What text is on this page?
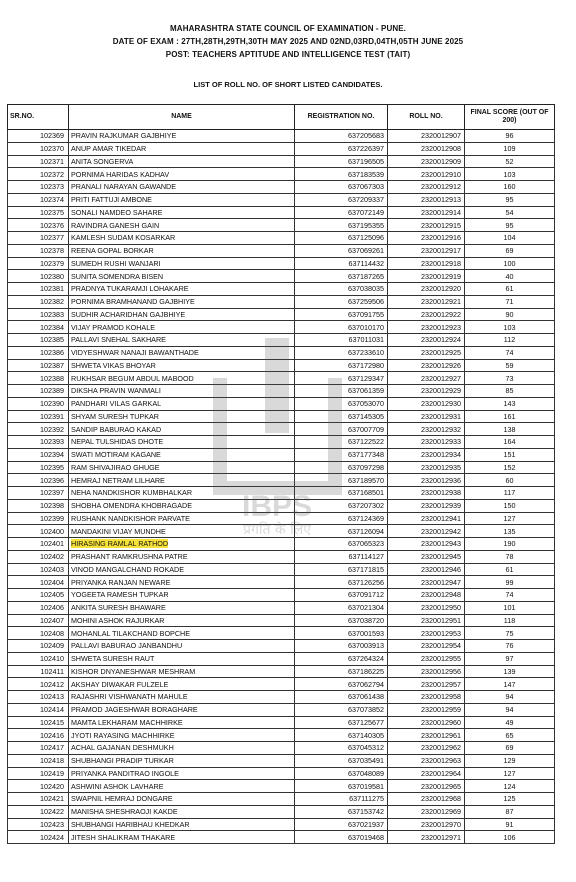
MAHARASHTRA STATE COUNCIL OF EXAMINATION - PUNE.
DATE OF EXAM : 27TH,28TH,29TH,30TH MAY 2025 AND 02ND,03RD,04TH,05TH JUNE 2025
POST: TEACHERS APTITUDE AND INTELLIGENCE TEST (TAIT)
LIST OF ROLL NO. OF SHORT LISTED CANDIDATES.
SR.NO.	NAME	REGISTRATION NO.	ROLL NO.	FINAL SCORE (OUT OF 200)
102369	PRAVIN RAJKUMAR GAJBHIYE	637205683	2320012907	96
102370	ANUP AMAR TIKEDAR	637226397	2320012908	109
102371	ANITA SONGERVA	637196505	2320012909	52
102372	PORNIMA HARIDAS KADHAV	637183539	2320012910	103
102373	PRANALI NARAYAN GAWANDE	637067303	2320012912	160
102374	PRITI FATTUJI AMBONE	637209337	2320012913	95
102375	SONALI NAMDEO SAHARE	637072149	2320012914	54
102376	RAVINDRA GANESH GAIN	637195355	2320012915	95
102377	KAMLESH SUDAM KOSARKAR	637125096	2320012916	104
102378	REENA GOPAL BORKAR	637069261	2320012917	69
102379	SUMEDH RUSHI WANJARI	637114432	2320012918	100
102380	SUNITA SOMENDRA BISEN	637187265	2320012919	40
102381	PRADNYA TUKARAMJI LOHAKARE	637038035	2320012920	61
102382	PORNIMA BRAMHANAND GAJBHIYE	637259506	2320012921	71
102383	SUDHIR ACHARIDHAN GAJBHIYE	637091755	2320012922	90
102384	VIJAY PRAMOD KOHALE	637010170	2320012923	103
102385	PALLAVI SNEHAL SAKHARE	637011031	2320012924	112
102386	VIDYESHWAR NANAJI BAWANTHADE	637233610	2320012925	74
102387	SHWETA VIKAS BHOYAR	637172980	2320012926	59
102388	RUKHSAR BEGUM ABDUL MABOOD	637129347	2320012927	73
102389	DIKSHA PRAVIN WANMALI	637061359	2320012929	85
102390	PANDHARI VILAS GARKAL	637053070	2320012930	143
102391	SHYAM SURESH TUPKAR	637145305	2320012931	161
102392	SANDIP BABURAO KAKAD	637007709	2320012932	138
102393	NEPAL TULSHIDAS DHOTE	637122522	2320012933	164
102394	SWATI MOTIRAM KAGANE	637177348	2320012934	151
102395	RAM SHIVAJIRAO GHUGE	637097298	2320012935	152
102396	HEMRAJ NETRAM LILHARE	637189570	2320012936	60
102397	NEHA NANDKISHOR KUMBHALKAR	637168501	2320012938	117
102398	SHOBHA OMENDRA KHOBRAGADE	637207302	2320012939	150
102399	RUSHANK NANDKISHOR PARVATE	637124369	2320012941	127
102400	MANDAKINI VIJAY MUNDHE	637126094	2320012942	135
102401	HIRASING RAMLAL RATHOD	637065323	2320012943	190
102402	PRASHANT RAMKRUSHNA PATRE	637114127	2320012945	78
102403	VINOD MANGALCHAND ROKADE	637171815	2320012946	61
102404	PRIYANKA RANJAN NEWARE	637126256	2320012947	99
102405	YOGEETA RAMESH TUPKAR	637091712	2320012948	74
102406	ANKITA SURESH BHAWARE	637021304	2320012950	101
102407	MOHINI ASHOK RAJURKAR	637038720	2320012951	118
102408	MOHANLAL TILAKCHAND BOPCHE	637001593	2320012953	75
102409	PALLAVI BABURAO JANBANDHU	637003913	2320012954	76
102410	SHWETA SURESH RAUT	637264324	2320012955	97
102411	KISHOR DNYANESHWAR MESHRAM	637186225	2320012956	139
102412	AKSHAY DIWAKAR FULZELE	637062794	2320012957	147
102413	RAJASHRI VISHWANATH MAHULE	637061438	2320012958	94
102414	PRAMOD JAGESHWAR BORAGHARE	637073852	2320012959	94
102415	MAMTA LEKHARAM MACHHIRKE	637125677	2320012960	49
102416	JYOTI RAYASING MACHHIRKE	637140305	2320012961	65
102417	ACHAL GAJANAN DESHMUKH	637045312	2320012962	69
102418	SHUBHANGI PRADIP TURKAR	637035491	2320012963	129
102419	PRIYANKA PANDITRAO INGOLE	637048089	2320012964	127
102420	ASHWINI ASHOK LAVHARE	637019581	2320012965	124
102421	SWAPNIL HEMRAJ DONGARE	637111275	2320012968	125
102422	MANISHA SHESHRAOJI KAKDE	637153742	2320012969	87
102423	SHUBHANGI HARIBHAU KHEDKAR	637021937	2320012970	91
102424	JITESH SHALIKRAM THAKARE	637019468	2320012971	106
IBPS
प्रगति के लिए
